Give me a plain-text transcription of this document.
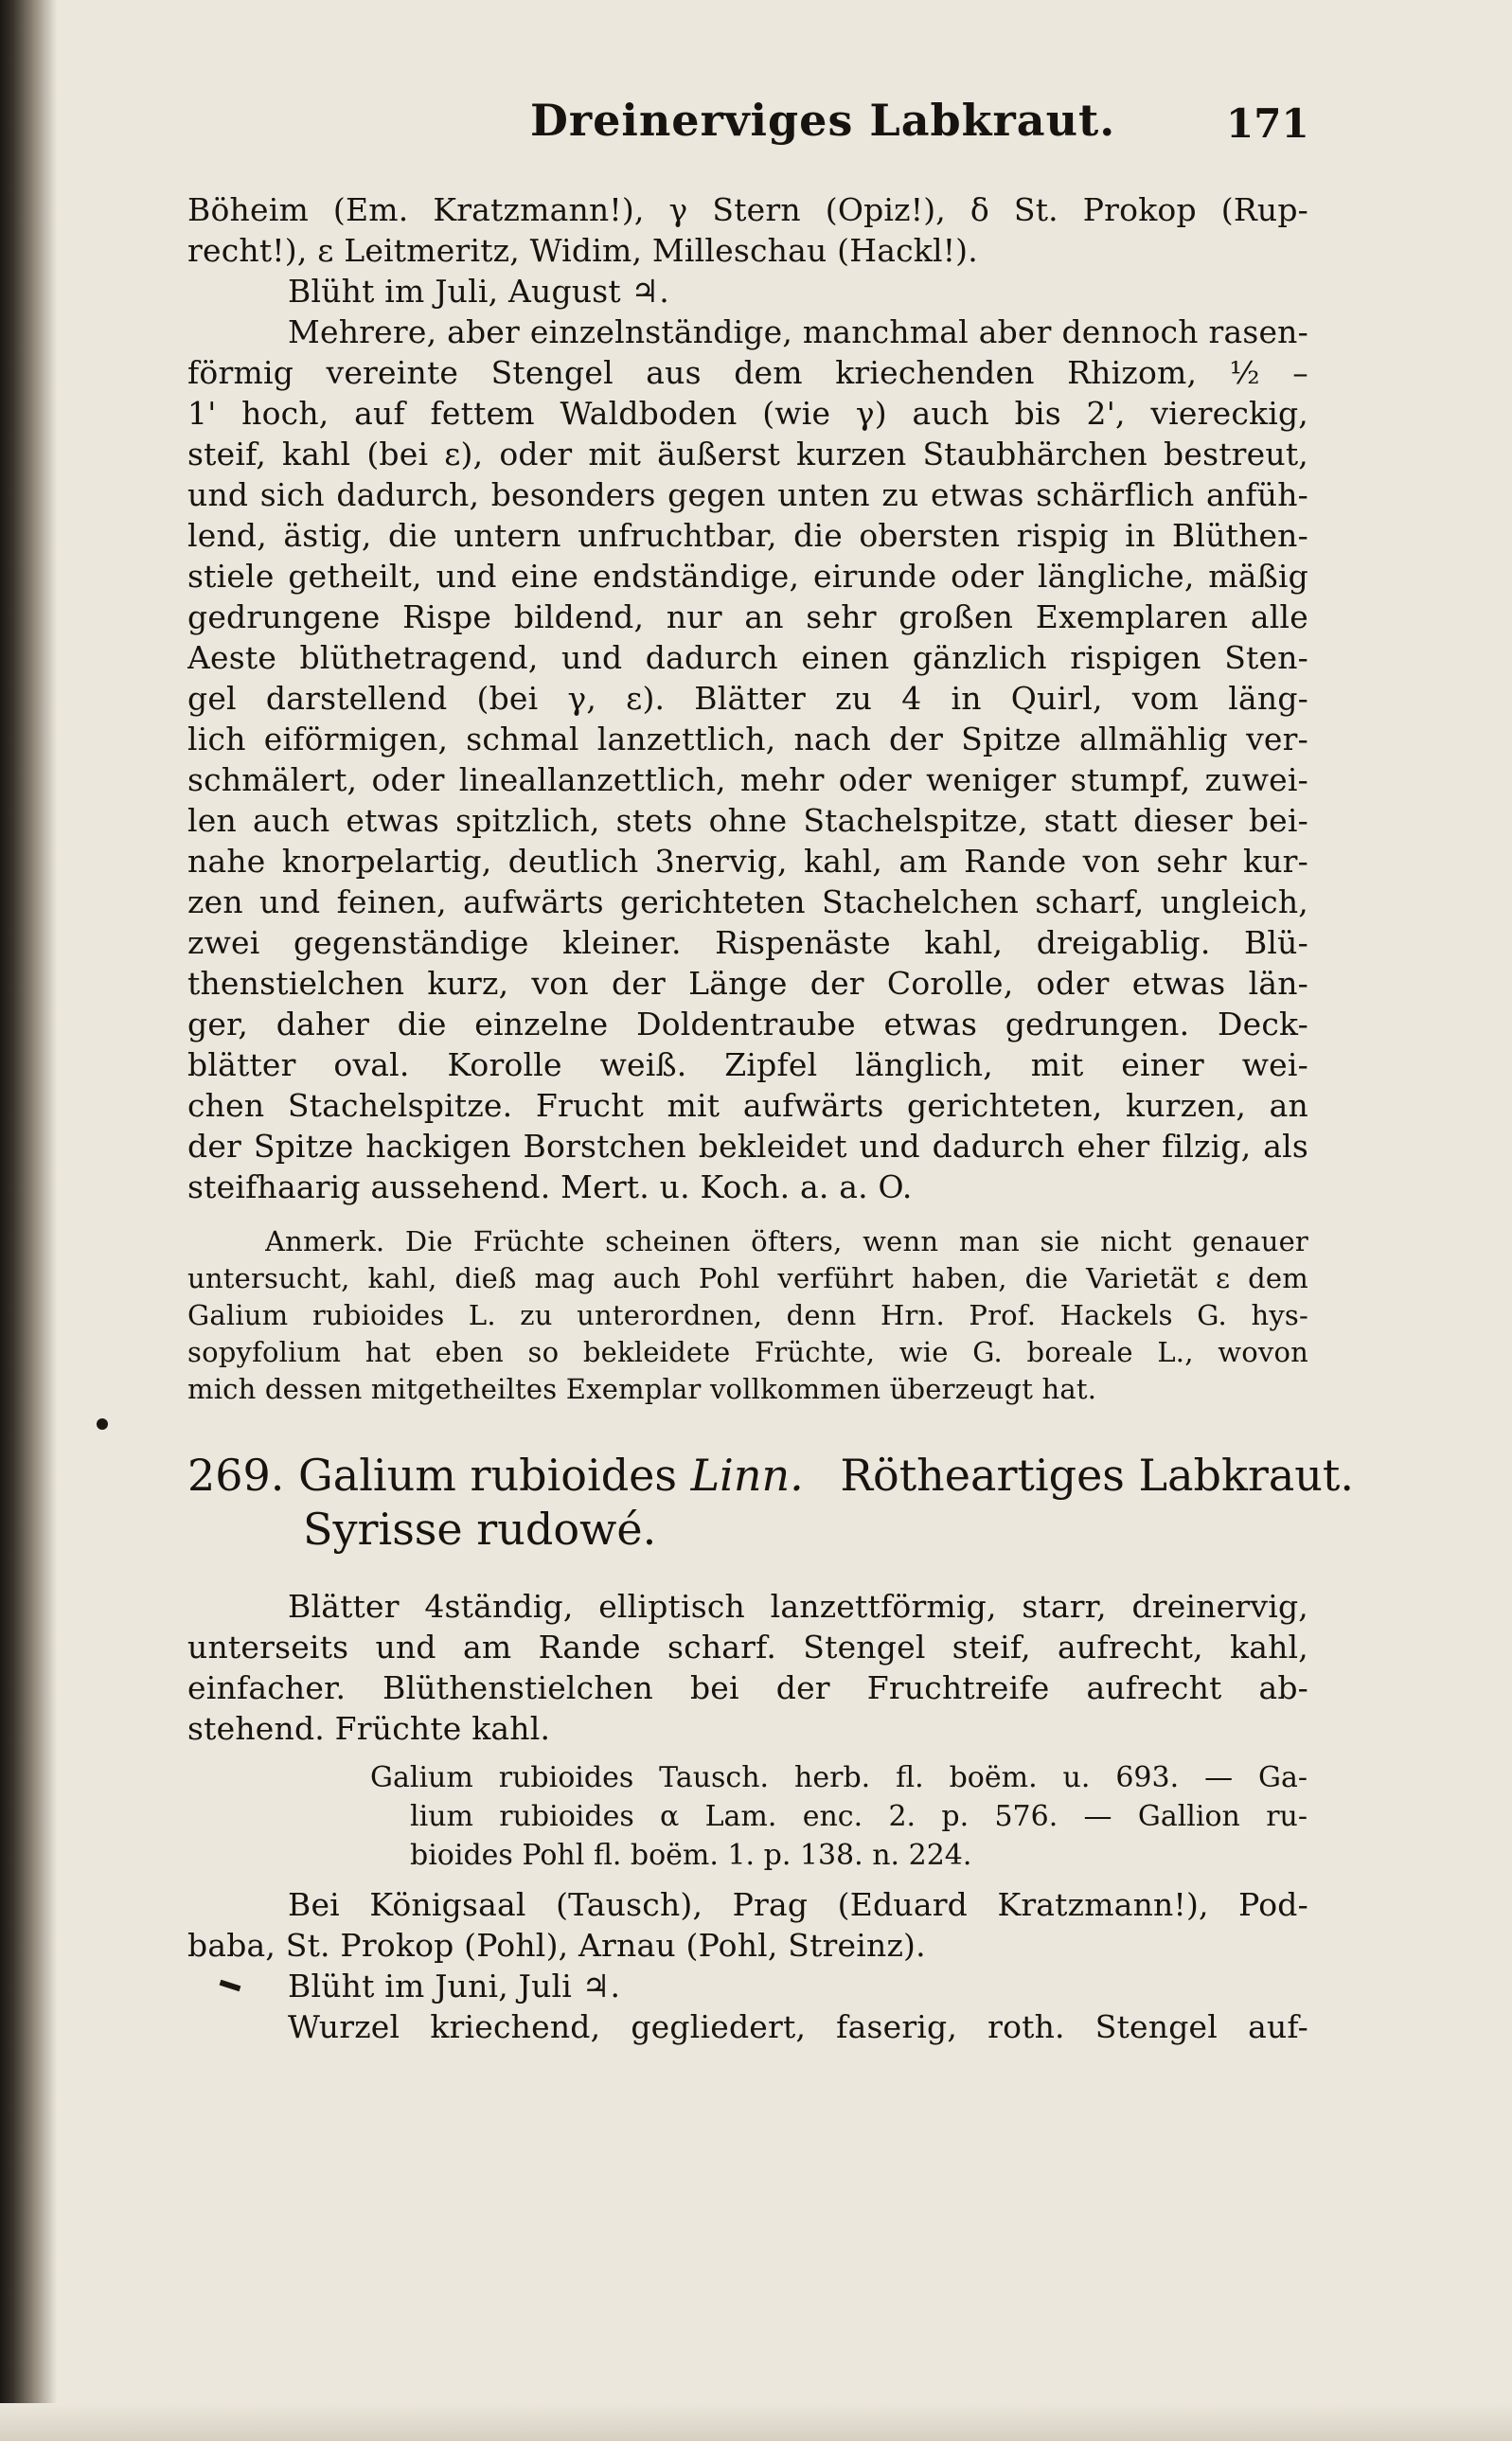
Dreinerviges Labkraut.	171
Böheim (Em. Kratzmann!), γ Stern (Opiz!), δ St. Prokop (Rup-
recht!), ε Leitmeritz, Widim, Milleschau (Hackl!).
Blüht im Juli, August ♃.
Mehrere, aber einzelnständige, manchmal aber dennoch rasen-
förmig vereinte Stengel aus dem kriechenden Rhizom, ½ –
1' hoch, auf fettem Waldboden (wie γ) auch bis 2', viereckig,
steif, kahl (bei ε), oder mit äußerst kurzen Staubhärchen bestreut,
und sich dadurch, besonders gegen unten zu etwas schärflich anfüh-
lend, ästig, die untern unfruchtbar, die obersten rispig in Blüthen-
stiele getheilt, und eine endständige, eirunde oder längliche, mäßig
gedrungene Rispe bildend, nur an sehr großen Exemplaren alle
Aeste blüthetragend, und dadurch einen gänzlich rispigen Sten-
gel darstellend (bei γ, ε). Blätter zu 4 in Quirl, vom läng-
lich eiförmigen, schmal lanzettlich, nach der Spitze allmählig ver-
schmälert, oder lineallanzettlich, mehr oder weniger stumpf, zuwei-
len auch etwas spitzlich, stets ohne Stachelspitze, statt dieser bei-
nahe knorpelartig, deutlich 3nervig, kahl, am Rande von sehr kur-
zen und feinen, aufwärts gerichteten Stachelchen scharf, ungleich,
zwei gegenständige kleiner. Rispenäste kahl, dreigablig. Blü-
thenstielchen kurz, von der Länge der Corolle, oder etwas län-
ger, daher die einzelne Doldentraube etwas gedrungen. Deck-
blätter oval. Korolle weiß. Zipfel länglich, mit einer wei-
chen Stachelspitze. Frucht mit aufwärts gerichteten, kurzen, an
der Spitze hackigen Borstchen bekleidet und dadurch eher filzig, als
steifhaarig aussehend. Mert. u. Koch. a. a. O.
Anmerk. Die Früchte scheinen öfters, wenn man sie nicht genauer
untersucht, kahl, dieß mag auch Pohl verführt haben, die Varietät ε dem
Galium rubioides L. zu unterordnen, denn Hrn. Prof. Hackels G. hys-
sopyfolium hat eben so bekleidete Früchte, wie G. boreale L., wovon
mich dessen mitgetheiltes Exemplar vollkommen überzeugt hat.
269. Galium rubioides Linn. Rötheartiges Labkraut.
Syrisse rudowé.
Blätter 4ständig, elliptisch lanzettförmig, starr, dreinervig,
unterseits und am Rande scharf. Stengel steif, aufrecht, kahl,
einfacher. Blüthenstielchen bei der Fruchtreife aufrecht ab-
stehend. Früchte kahl.
Galium rubioides Tausch. herb. fl. boëm. u. 693. — Ga-
lium rubioides α Lam. enc. 2. p. 576. — Gallion ru-
bioides Pohl fl. boëm. 1. p. 138. n. 224.
Bei Königsaal (Tausch), Prag (Eduard Kratzmann!), Pod-
baba, St. Prokop (Pohl), Arnau (Pohl, Streinz).
Blüht im Juni, Juli ♃.
Wurzel kriechend, gegliedert, faserig, roth. Stengel auf-
